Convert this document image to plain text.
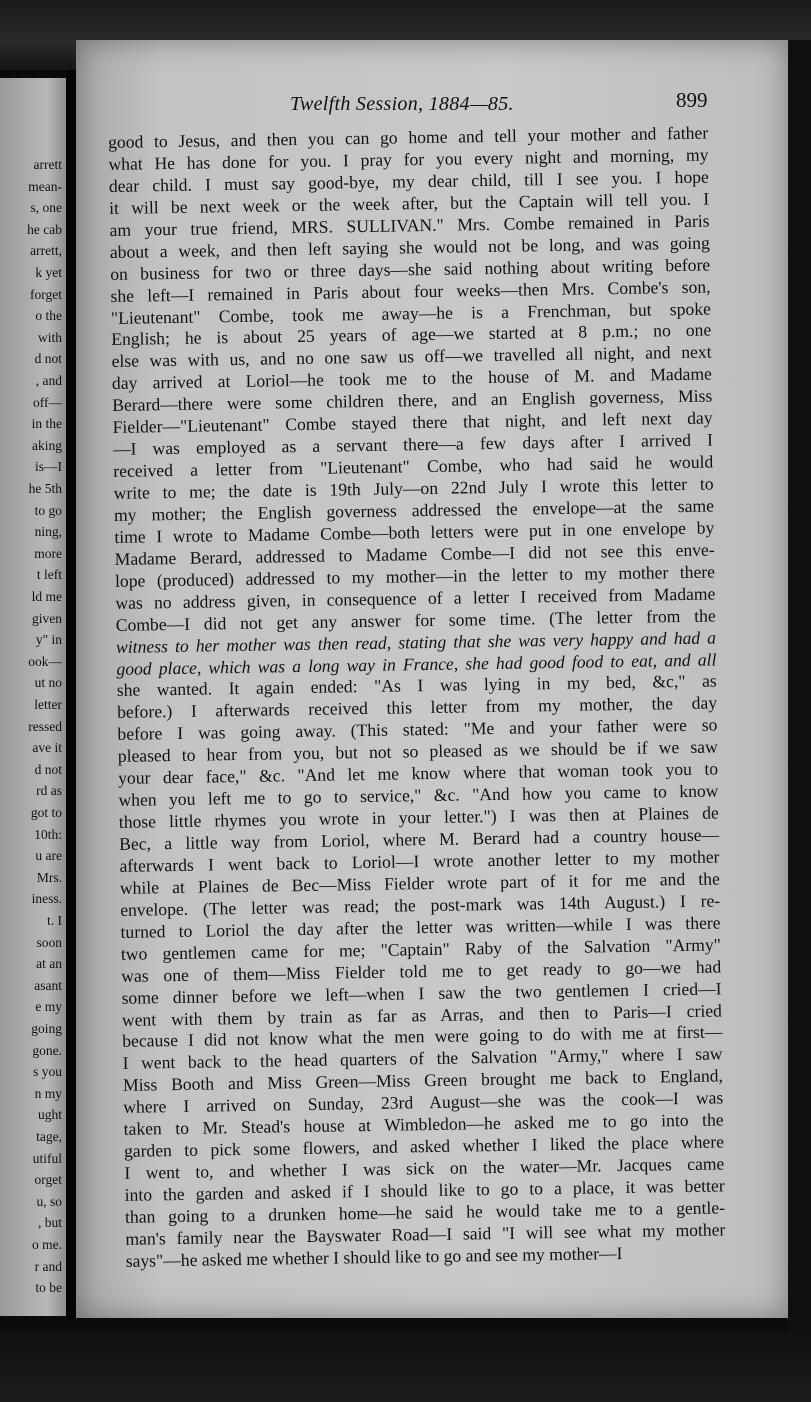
arrett
mean-
s, one
he cab
arrett,
k yet
forget
o the
with
d not
, and
off—
in the
aking
is—I
he 5th
to go
ning,
more
t left
ld me
given
y" in
ook—
ut no
letter
ressed
ave it
d not
rd as
got to
10th:
u are
Mrs.
iness.
t. I
soon
at an
asant
e my
going
gone.
s you
n my
ught
tage,
utiful
orget
u, so
, but
o me.
r and
to be
Twelfth Session, 1884—85.	899
good to Jesus, and then you can go home and tell your mother and father
what He has done for you. I pray for you every night and morning, my
dear child. I must say good-bye, my dear child, till I see you. I hope
it will be next week or the week after, but the Captain will tell you. I
am your true friend, MRS. SULLIVAN." Mrs. Combe remained in Paris
about a week, and then left saying she would not be long, and was going
on business for two or three days—she said nothing about writing before
she left—I remained in Paris about four weeks—then Mrs. Combe's son,
"Lieutenant" Combe, took me away—he is a Frenchman, but spoke
English; he is about 25 years of age—we started at 8 p.m.; no one
else was with us, and no one saw us off—we travelled all night, and next
day arrived at Loriol—he took me to the house of M. and Madame
Berard—there were some children there, and an English governess, Miss
Fielder—"Lieutenant" Combe stayed there that night, and left next day
—I was employed as a servant there—a few days after I arrived I
received a letter from "Lieutenant" Combe, who had said he would
write to me; the date is 19th July—on 22nd July I wrote this letter to
my mother; the English governess addressed the envelope—at the same
time I wrote to Madame Combe—both letters were put in one envelope by
Madame Berard, addressed to Madame Combe—I did not see this enve-
lope (produced) addressed to my mother—in the letter to my mother there
was no address given, in consequence of a letter I received from Madame
Combe—I did not get any answer for some time. (The letter from the
witness to her mother was then read, stating that she was very happy and had a
good place, which was a long way in France, she had good food to eat, and all
she wanted. It again ended: "As I was lying in my bed, &c," as
before.) I afterwards received this letter from my mother, the day
before I was going away. (This stated: "Me and your father were so
pleased to hear from you, but not so pleased as we should be if we saw
your dear face," &c. "And let me know where that woman took you to
when you left me to go to service," &c. "And how you came to know
those little rhymes you wrote in your letter.") I was then at Plaines de
Bec, a little way from Loriol, where M. Berard had a country house—
afterwards I went back to Loriol—I wrote another letter to my mother
while at Plaines de Bec—Miss Fielder wrote part of it for me and the
envelope. (The letter was read; the post-mark was 14th August.) I re-
turned to Loriol the day after the letter was written—while I was there
two gentlemen came for me; "Captain" Raby of the Salvation "Army"
was one of them—Miss Fielder told me to get ready to go—we had
some dinner before we left—when I saw the two gentlemen I cried—I
went with them by train as far as Arras, and then to Paris—I cried
because I did not know what the men were going to do with me at first—
I went back to the head quarters of the Salvation "Army," where I saw
Miss Booth and Miss Green—Miss Green brought me back to England,
where I arrived on Sunday, 23rd August—she was the cook—I was
taken to Mr. Stead's house at Wimbledon—he asked me to go into the
garden to pick some flowers, and asked whether I liked the place where
I went to, and whether I was sick on the water—Mr. Jacques came
into the garden and asked if I should like to go to a place, it was better
than going to a drunken home—he said he would take me to a gentle-
man's family near the Bayswater Road—I said "I will see what my mother
says"—he asked me whether I should like to go and see my mother—I
